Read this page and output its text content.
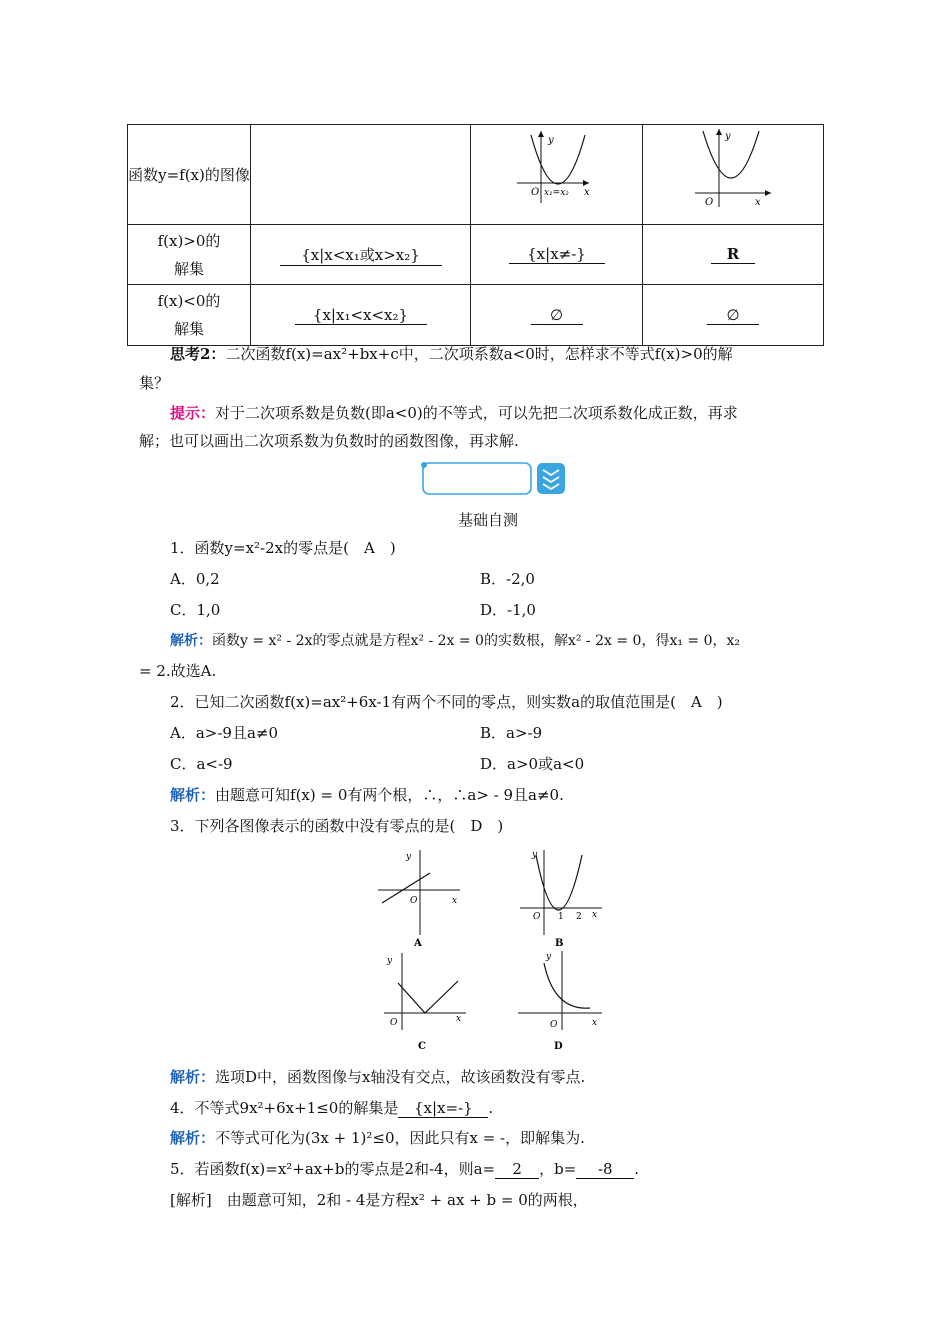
函数y=f(x)的图像		y
O x₁=x₂ x	y
O x

f(x)>0的解集	{x|x<x₁或x>x₂}	{x|x≠-}	R

f(x)<0的解集	{x|x₁<x<x₂}	∅	∅
思考2：二次函数f(x)=ax²+bx+c中，二次项系数a<0时，怎样求不等式f(x)>0的解
集？
提示：对于二次项系数是负数(即a<0)的不等式，可以先把二次项系数化成正数，再求
解；也可以画出二次项系数为负数时的函数图像，再求解.
基础自测
1．函数y=x²-2x的零点是(　A　)
A．0,2	B．-2,0
C．1,0	D．-1,0
解析：函数y = x² - 2x的零点就是方程x² - 2x = 0的实数根，解x² - 2x = 0，得x₁ = 0，x₂
= 2.故选A.
2．已知二次函数f(x)=ax²+6x-1有两个不同的零点，则实数a的取值范围是(　A　)
A．a>-9且a≠0	B．a>-9
C．a<-9	D．a>0或a<0
解析：由题意可知f(x) = 0有两个根，∴，∴a> - 9且a≠0.
3．下列各图像表示的函数中没有零点的是(　D　)
y
O	x
A
y
O 1 2 x
B
y
O	x
C
y
O	x
D
解析：选项D中，函数图像与x轴没有交点，故该函数没有零点.
4．不等式9x²+6x+1≤0的解集是 {x|x=-} .
解析：不等式可化为(3x + 1)²≤0，因此只有x = -，即解集为.
5．若函数f(x)=x²+ax+b的零点是2和-4，则a= 2 ，b= -8 .
[解析]　 由题意可知，2和 - 4是方程x² + ax + b = 0的两根，
